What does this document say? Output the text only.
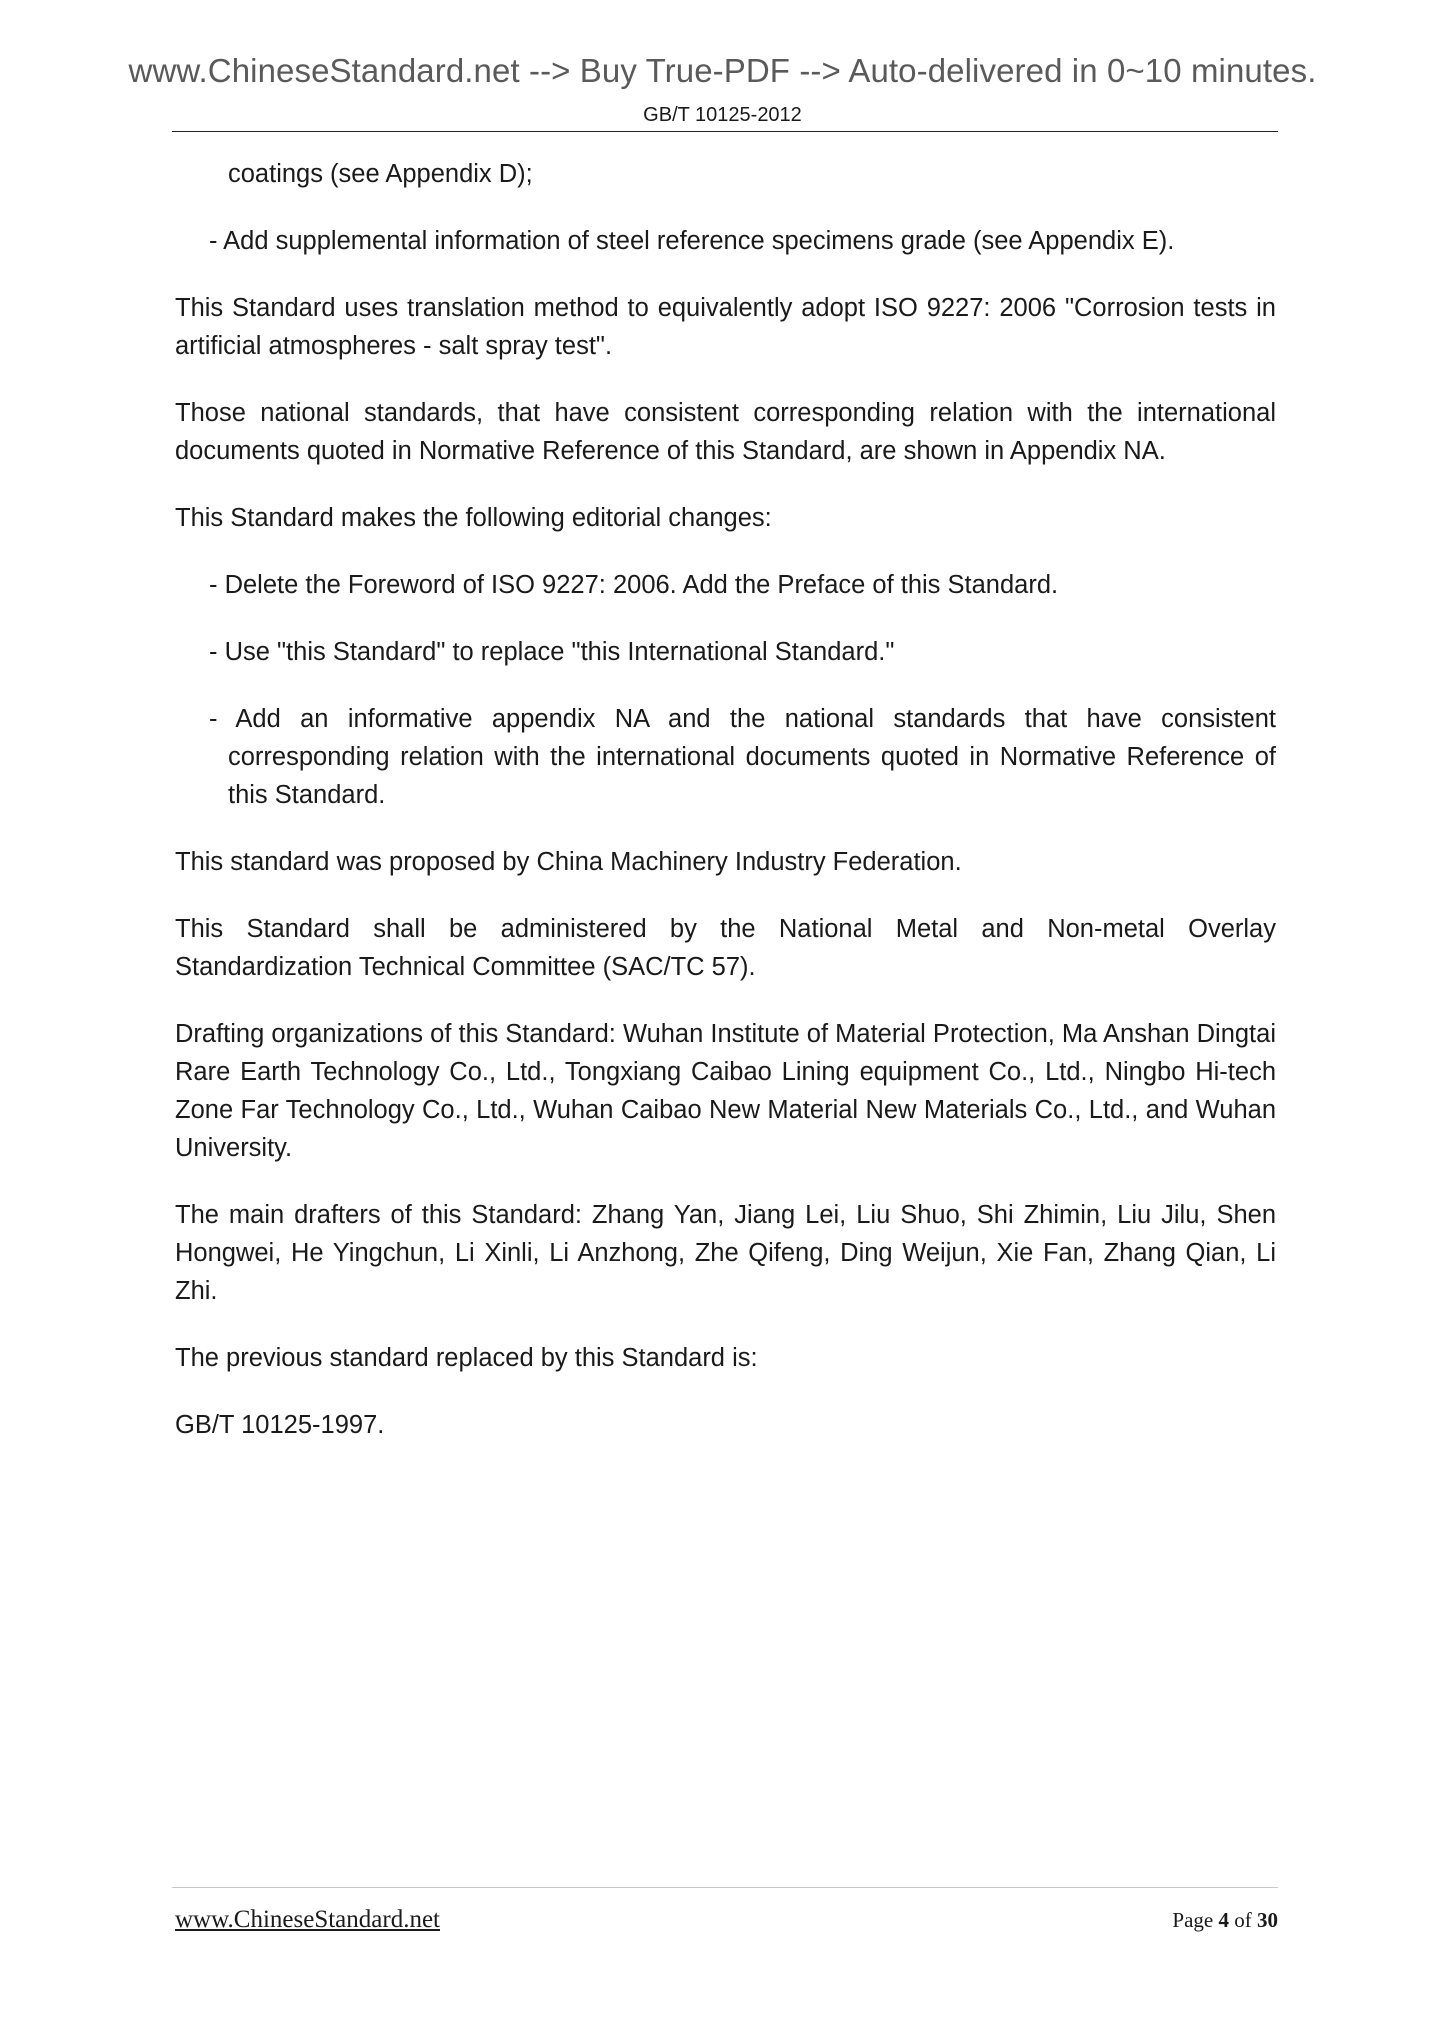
www.ChineseStandard.net --> Buy True-PDF --> Auto-delivered in 0~10 minutes.
GB/T 10125-2012

coatings (see Appendix D);

- Add supplemental information of steel reference specimens grade (see Appendix E).

This Standard uses translation method to equivalently adopt ISO 9227: 2006 "Corrosion tests in artificial atmospheres - salt spray test".

Those national standards, that have consistent corresponding relation with the international documents quoted in Normative Reference of this Standard, are shown in Appendix NA.

This Standard makes the following editorial changes:

- Delete the Foreword of ISO 9227: 2006. Add the Preface of this Standard.

- Use "this Standard" to replace "this International Standard."

- Add an informative appendix NA and the national standards that have consistent corresponding relation with the international documents quoted in Normative Reference of this Standard.

This standard was proposed by China Machinery Industry Federation.

This Standard shall be administered by the National Metal and Non-metal Overlay Standardization Technical Committee (SAC/TC 57).

Drafting organizations of this Standard: Wuhan Institute of Material Protection, Ma Anshan Dingtai Rare Earth Technology Co., Ltd., Tongxiang Caibao Lining equipment Co., Ltd., Ningbo Hi-tech Zone Far Technology Co., Ltd., Wuhan Caibao New Material New Materials Co., Ltd., and Wuhan University.

The main drafters of this Standard: Zhang Yan, Jiang Lei, Liu Shuo, Shi Zhimin, Liu Jilu, Shen Hongwei, He Yingchun, Li Xinli, Li Anzhong, Zhe Qifeng, Ding Weijun, Xie Fan, Zhang Qian, Li Zhi.

The previous standard replaced by this Standard is:

GB/T 10125-1997.

www.ChineseStandard.net	Page 4 of 30
